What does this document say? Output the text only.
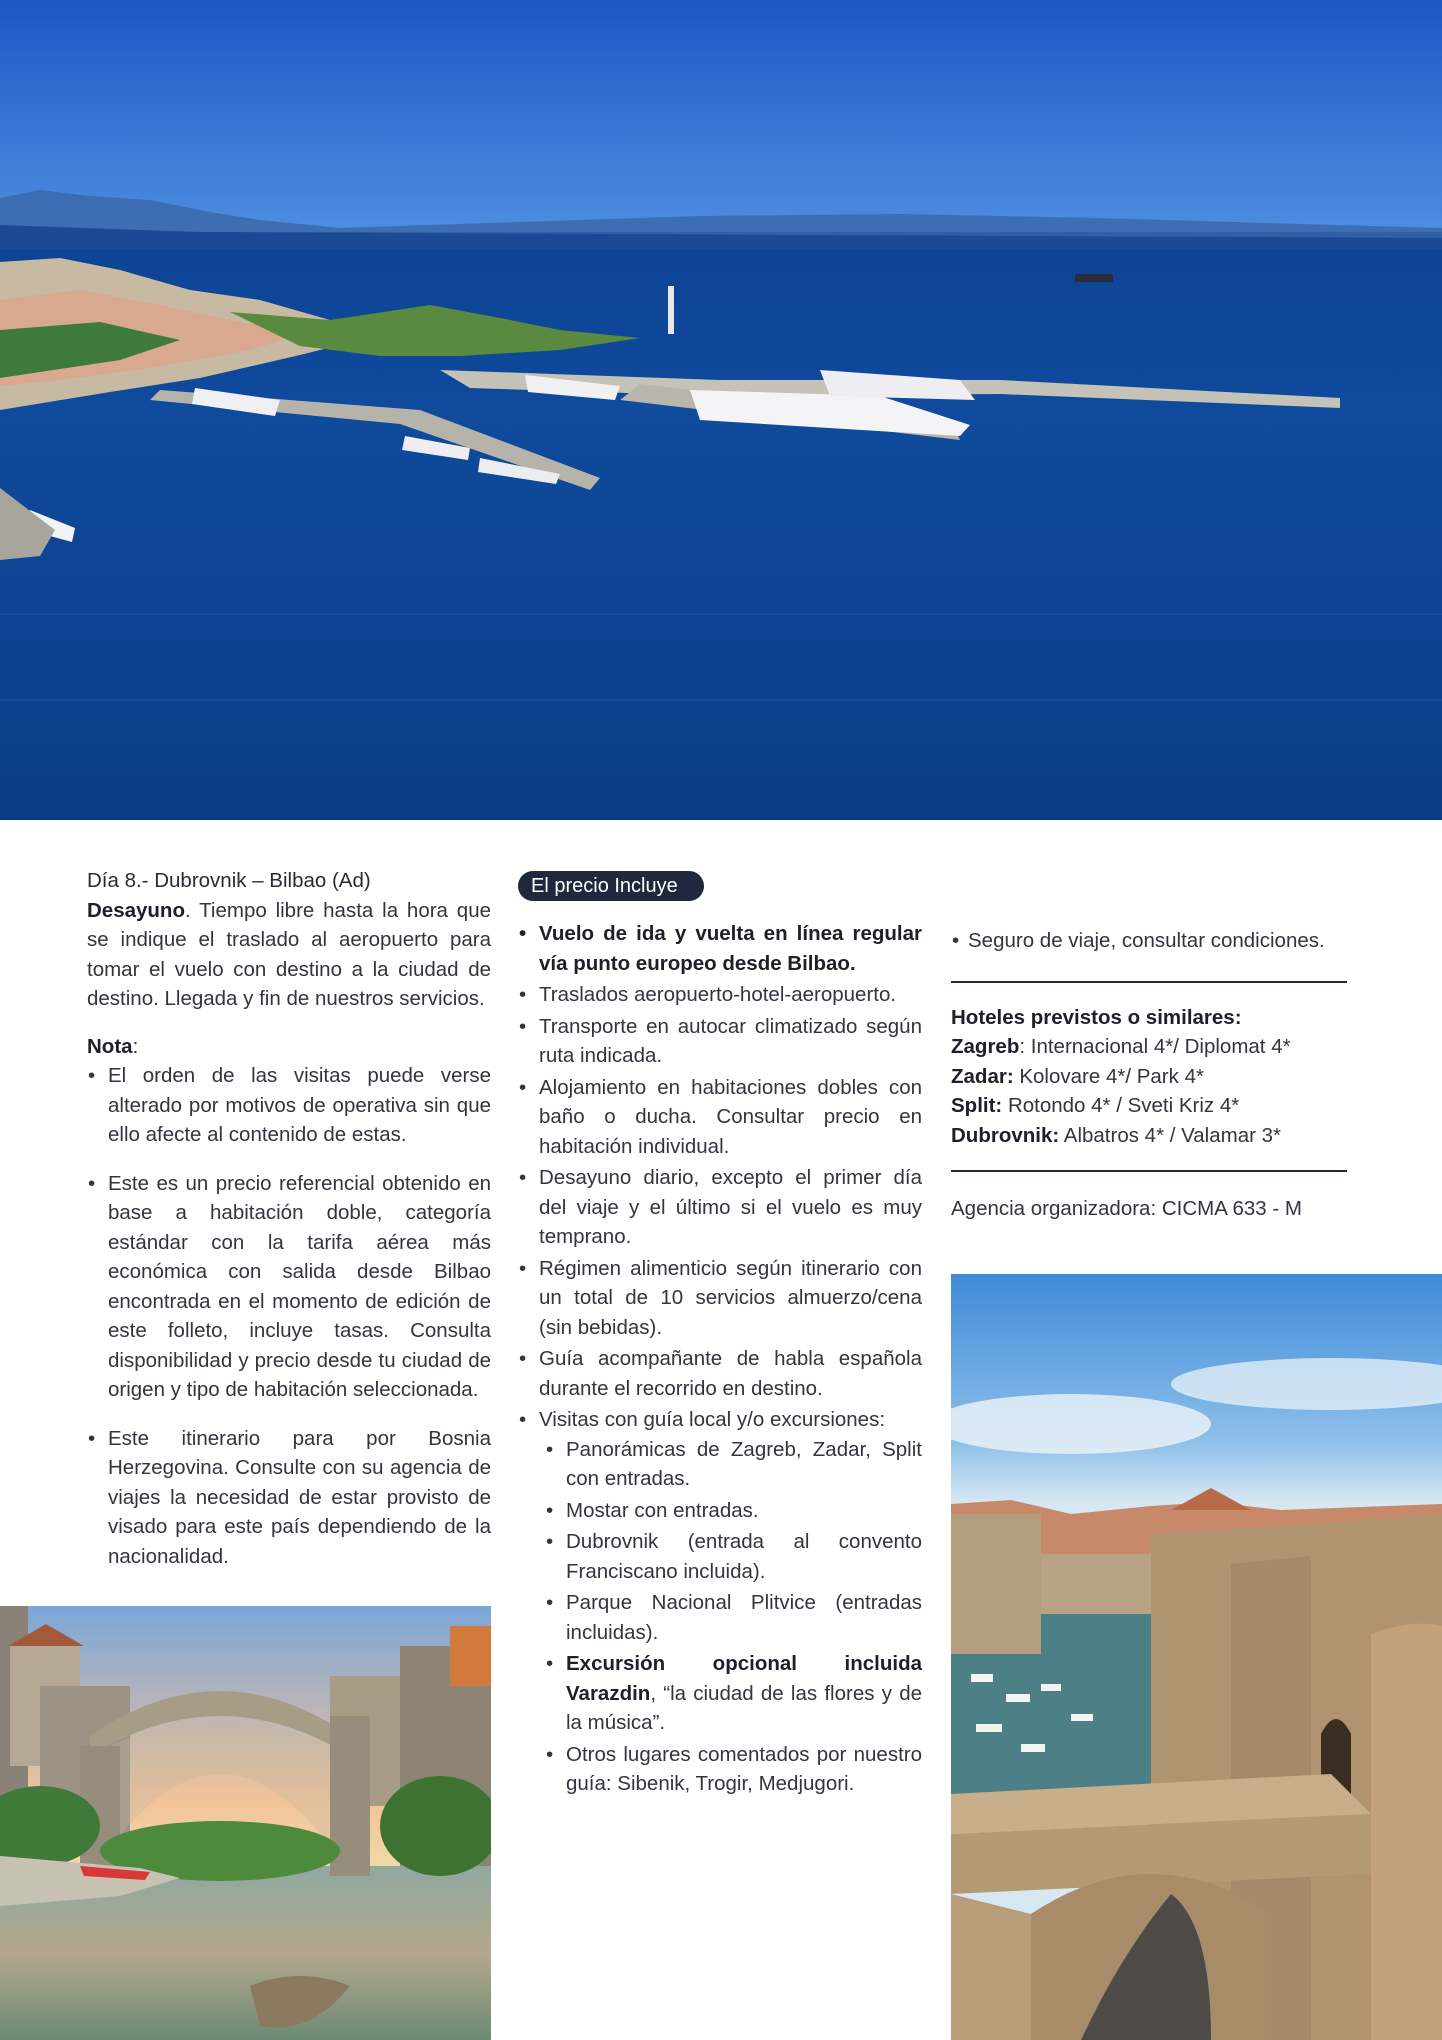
Día 8.- Dubrovnik – Bilbao (Ad)

Desayuno. Tiempo libre hasta la hora que se indique el traslado al aeropuerto para tomar el vuelo con destino a la ciudad de destino. Llegada y fin de nuestros servicios.

Nota:
• El orden de las visitas puede verse alterado por motivos de operativa sin que ello afecte al contenido de estas.
• Este es un precio referencial obtenido en base a habitación doble, categoría estándar con la tarifa aérea más económica con salida desde Bilbao encontrada en el momento de edición de este folleto, incluye tasas. Consulta disponibilidad y precio desde tu ciudad de origen y tipo de habitación seleccionada.
• Este itinerario para por Bosnia Herzegovina. Consulte con su agencia de viajes la necesidad de estar provisto de visado para este país dependiendo de la nacionalidad.
El precio Incluye
• Vuelo de ida y vuelta en línea regular vía punto europeo desde Bilbao.
• Traslados aeropuerto-hotel-aeropuerto.
• Transporte en autocar climatizado según ruta indicada.
• Alojamiento en habitaciones dobles con baño o ducha. Consultar precio en habitación individual.
• Desayuno diario, excepto el primer día del viaje y el último si el vuelo es muy temprano.
• Régimen alimenticio según itinerario con un total de 10 servicios almuerzo/cena (sin bebidas).
• Guía acompañante de habla española durante el recorrido en destino.
• Visitas con guía local y/o excursiones:
• Panorámicas de Zagreb, Zadar, Split con entradas.
• Mostar con entradas.
• Dubrovnik (entrada al convento Franciscano incluida).
• Parque Nacional Plitvice (entradas incluidas).
• Excursión opcional incluida Varazdin, “la ciudad de las flores y de la música”.
• Otros lugares comentados por nuestro guía: Sibenik, Trogir, Medjugori.
• Seguro de viaje, consultar condiciones.
Hoteles previstos o similares:
Zagreb: Internacional 4*/ Diplomat 4*
Zadar: Kolovare 4*/ Park 4*
Split: Rotondo 4* / Sveti Kriz 4*
Dubrovnik: Albatros 4* / Valamar 3*
Agencia organizadora: CICMA 633 - M
